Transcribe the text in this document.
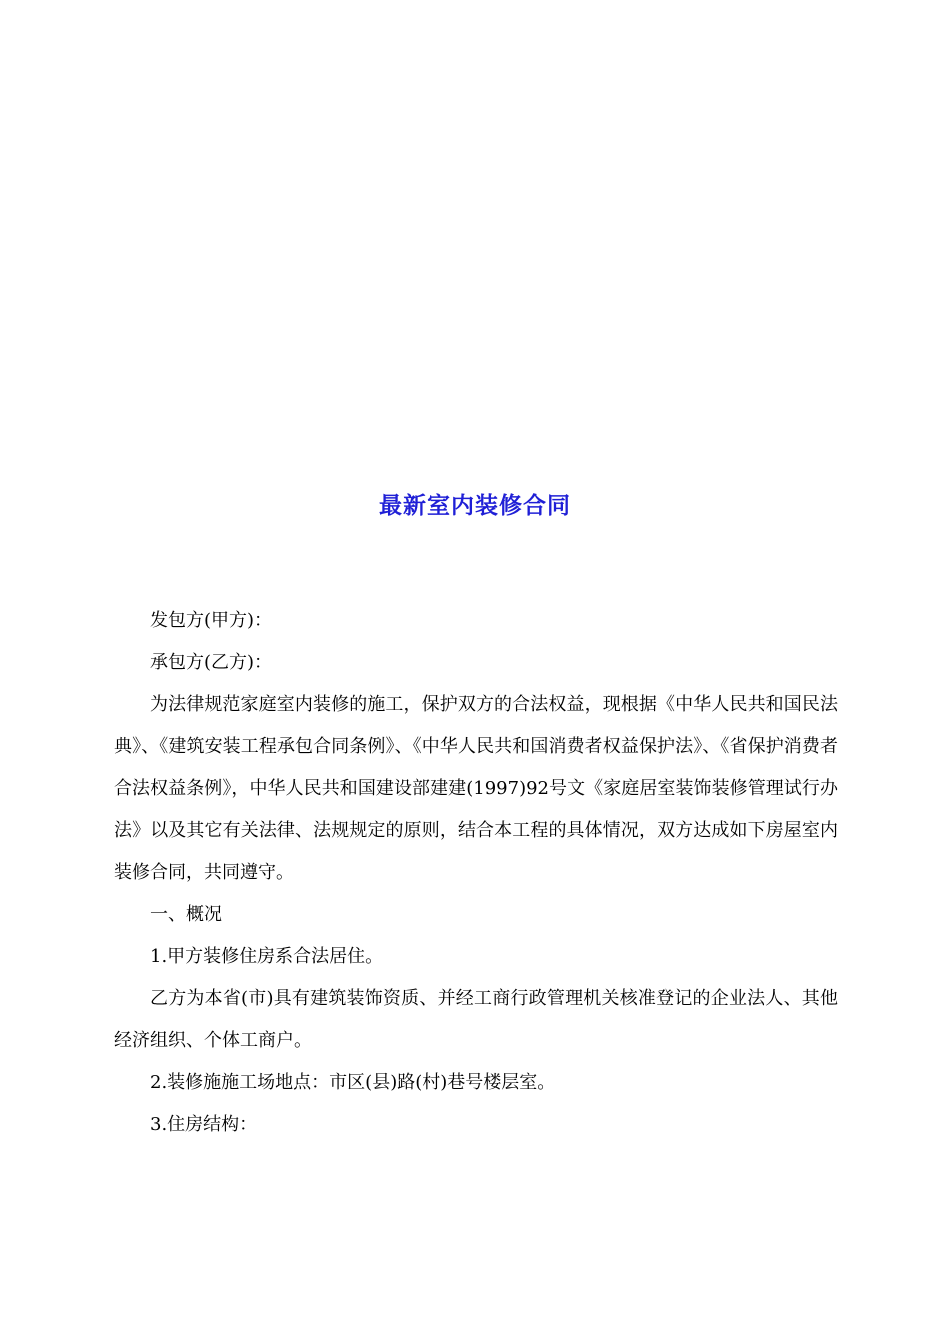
最新室内装修合同

发包方(甲方)：

承包方(乙方)：

为法律规范家庭室内装修的施工，保护双方的合法权益，现根据《中华人民共和国民法典》、《建筑安装工程承包合同条例》、《中华人民共和国消费者权益保护法》、《省保护消费者合法权益条例》，中华人民共和国建设部建建(1997)92号文《家庭居室装饰装修管理试行办法》以及其它有关法律、法规规定的原则，结合本工程的具体情况，双方达成如下房屋室内装修合同，共同遵守。

一、概况

1.甲方装修住房系合法居住。

乙方为本省(市)具有建筑装饰资质、并经工商行政管理机关核准登记的企业法人、其他经济组织、个体工商户。

2.装修施施工场地点：市区(县)路(村)巷号楼层室。

3.住房结构：
